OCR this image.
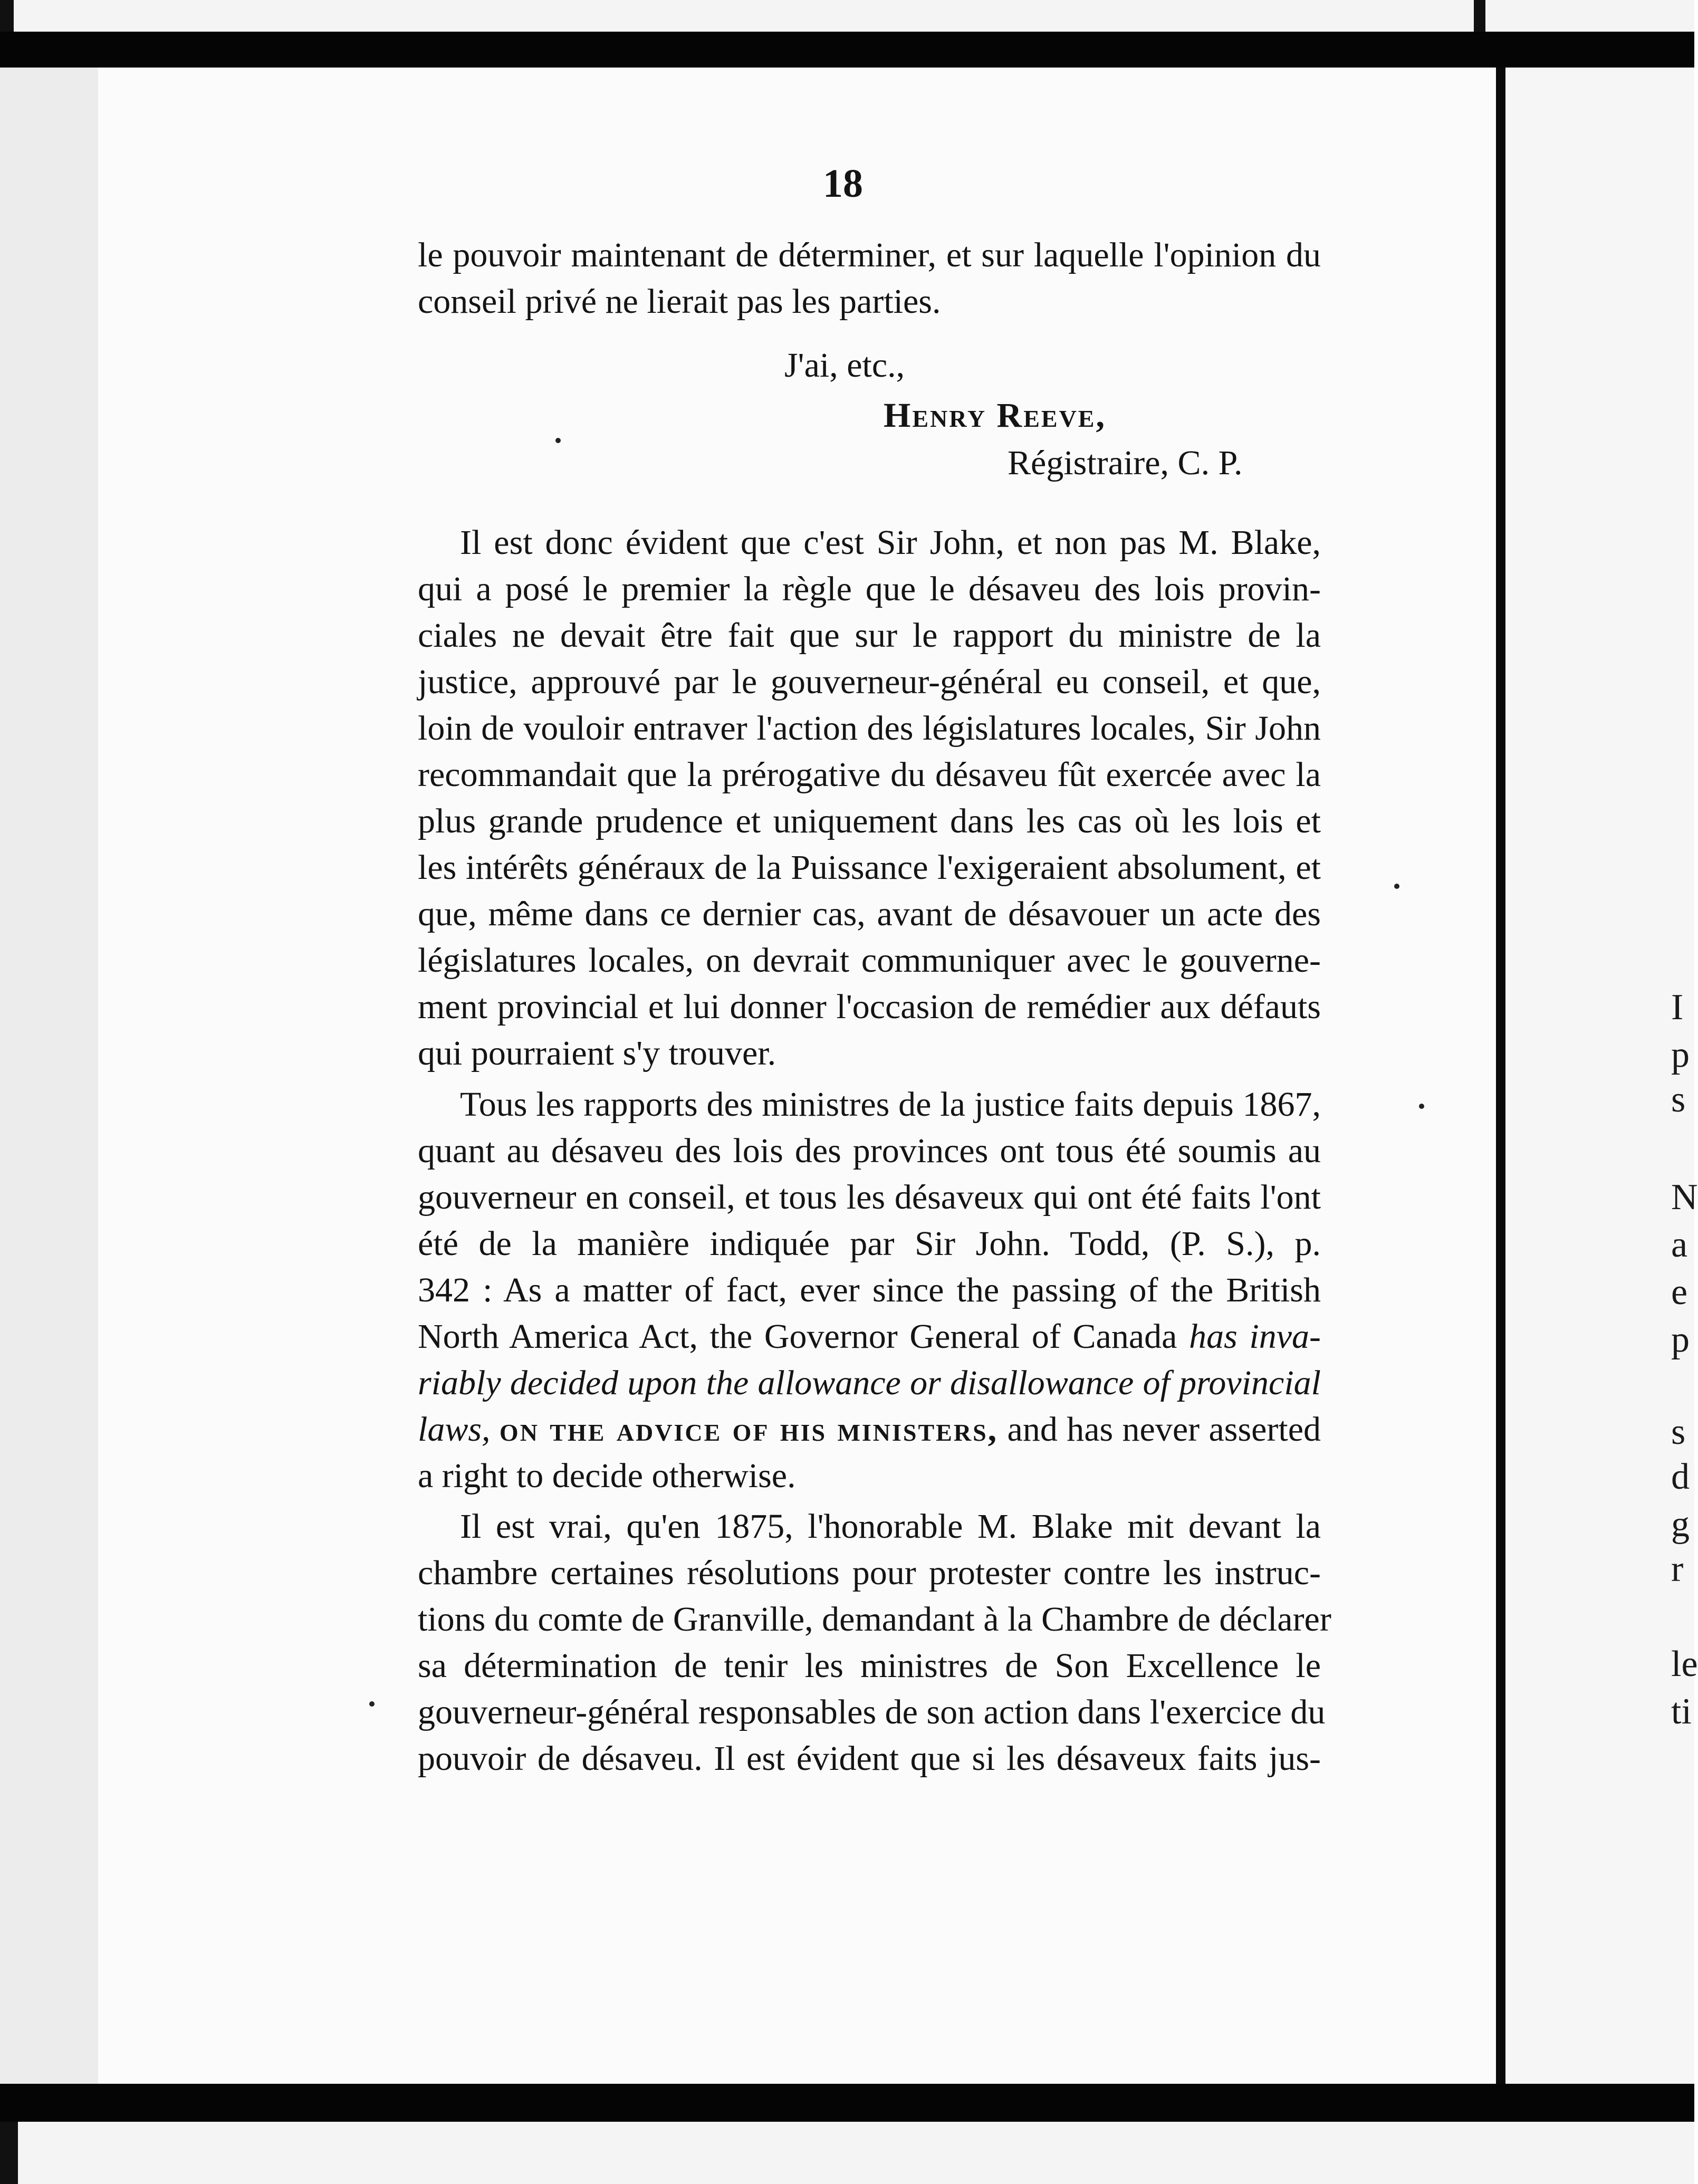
I
p
s
N
a
e
p
s
d
g
r
le
ti
18
le pouvoir maintenant de déterminer, et sur laquelle l'opinion du
conseil privé ne lierait pas les parties.
J'ai, etc.,
Henry Reeve,
Régistraire, C. P.
Il est donc évident que c'est Sir John, et non pas M. Blake,
qui a posé le premier la règle que le désaveu des lois provin-
ciales ne devait être fait que sur le rapport du ministre de la
justice, approuvé par le gouverneur-général eu conseil, et que,
loin de vouloir entraver l'action des législatures locales, Sir John
recommandait que la prérogative du désaveu fût exercée avec la
plus grande prudence et uniquement dans les cas où les lois et
les intérêts généraux de la Puissance l'exigeraient absolument, et
que, même dans ce dernier cas, avant de désavouer un acte des
législatures locales, on devrait communiquer avec le gouverne-
ment provincial et lui donner l'occasion de remédier aux défauts
qui pourraient s'y trouver.
Tous les rapports des ministres de la justice faits depuis 1867,
quant au désaveu des lois des provinces ont tous été soumis au
gouverneur en conseil, et tous les désaveux qui ont été faits l'ont
été de la manière indiquée par Sir John. Todd, (P. S.), p.
342 : As a matter of fact, ever since the passing of the British
North America Act, the Governor General of Canada has inva-
riably decided upon the allowance or disallowance of provincial
laws, on the advice of his ministers, and has never asserted
a right to decide otherwise.
Il est vrai, qu'en 1875, l'honorable M. Blake mit devant la
chambre certaines résolutions pour protester contre les instruc-
tions du comte de Granville, demandant à la Chambre de déclarer
sa détermination de tenir les ministres de Son Excellence le
gouverneur-général responsables de son action dans l'exercice du
pouvoir de désaveu. Il est évident que si les désaveux faits jus-
